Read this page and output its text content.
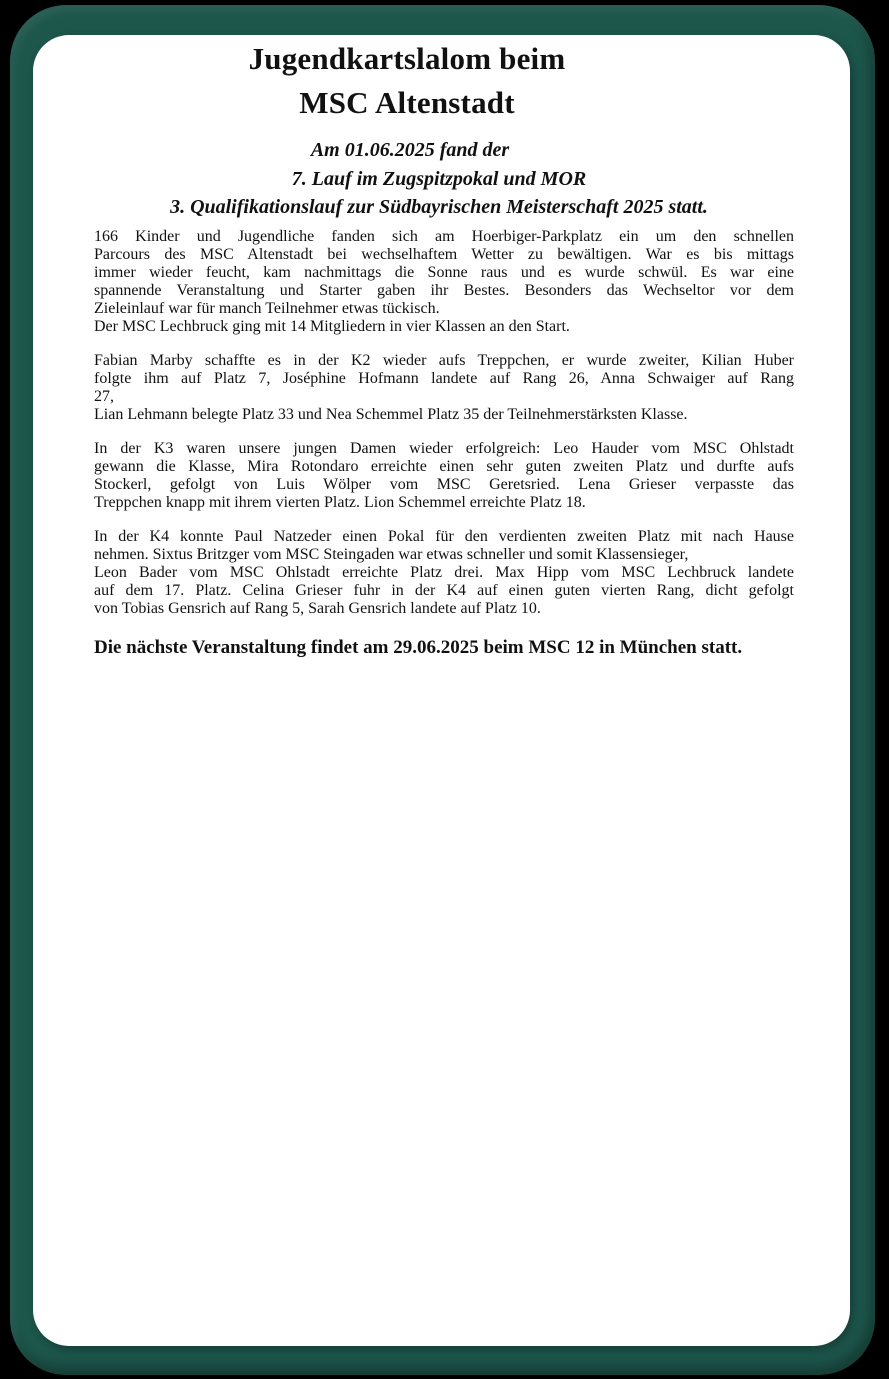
Jugendkartslalom beim
MSC Altenstadt
Am 01.06.2025 fand der
7. Lauf im Zugspitzpokal und MOR
3. Qualifikationslauf zur Südbayrischen Meisterschaft 2025 statt.

166 Kinder und Jugendliche fanden sich am Hoerbiger-Parkplatz ein um den schnellen
Parcours des MSC Altenstadt bei wechselhaftem Wetter zu bewältigen. War es bis mittags
immer wieder feucht, kam nachmittags die Sonne raus und es wurde schwül. Es war eine
spannende Veranstaltung und Starter gaben ihr Bestes. Besonders das Wechseltor vor dem
Zieleinlauf war für manch Teilnehmer etwas tückisch.
Der MSC Lechbruck ging mit 14 Mitgliedern in vier Klassen an den Start.

Fabian Marby schaffte es in der K2 wieder aufs Treppchen, er wurde zweiter, Kilian Huber
folgte ihm auf Platz 7, Joséphine Hofmann landete auf Rang 26, Anna Schwaiger auf Rang
27,
Lian Lehmann belegte Platz 33 und Nea Schemmel Platz 35 der Teilnehmerstärksten Klasse.

In der K3 waren unsere jungen Damen wieder erfolgreich: Leo Hauder vom MSC Ohlstadt
gewann die Klasse, Mira Rotondaro erreichte einen sehr guten zweiten Platz und durfte aufs
Stockerl, gefolgt von Luis Wölper vom MSC Geretsried. Lena Grieser verpasste das
Treppchen knapp mit ihrem vierten Platz. Lion Schemmel erreichte Platz 18.

In der K4 konnte Paul Natzeder einen Pokal für den verdienten zweiten Platz mit nach Hause
nehmen. Sixtus Britzger vom MSC Steingaden war etwas schneller und somit Klassensieger,
Leon Bader vom MSC Ohlstadt erreichte Platz drei. Max Hipp vom MSC Lechbruck landete
auf dem 17. Platz. Celina Grieser fuhr in der K4 auf einen guten vierten Rang, dicht gefolgt
von Tobias Gensrich auf Rang 5, Sarah Gensrich landete auf Platz 10.

Die nächste Veranstaltung findet am 29.06.2025 beim MSC 12 in München statt.
